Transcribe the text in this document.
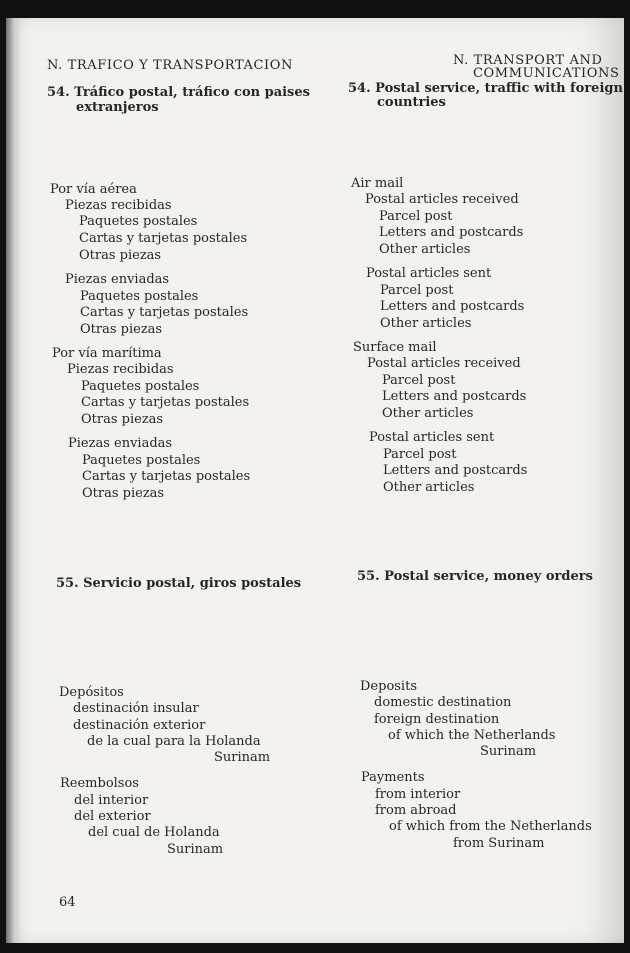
N. TRAFICO Y TRANSPORTACION	N. TRANSPORT AND
COMMUNICATIONS
54. Tráfico postal, tráfico con paises
extranjeros
54. Postal service, traffic with foreign
countries
Por vía aérea
Piezas recibidas
Paquetes postales
Cartas y tarjetas postales
Otras piezas
Piezas enviadas
Paquetes postales
Cartas y tarjetas postales
Otras piezas
Por vía marítima
Piezas recibidas
Paquetes postales
Cartas y tarjetas postales
Otras piezas
Piezas enviadas
Paquetes postales
Cartas y tarjetas postales
Otras piezas
Air mail
Postal articles received
Parcel post
Letters and postcards
Other articles
Postal articles sent
Parcel post
Letters and postcards
Other articles
Surface mail
Postal articles received
Parcel post
Letters and postcards
Other articles
Postal articles sent
Parcel post
Letters and postcards
Other articles
55. Servicio postal, giros postales	55. Postal service, money orders
Depósitos
destinación insular
destinación exterior
de la cual para la Holanda
Surinam
Reembolsos
del interior
del exterior
del cual de Holanda
Surinam
Deposits
domestic destination
foreign destination
of which the Netherlands
Surinam
Payments
from interior
from abroad
of which from the Netherlands
from Surinam
64
